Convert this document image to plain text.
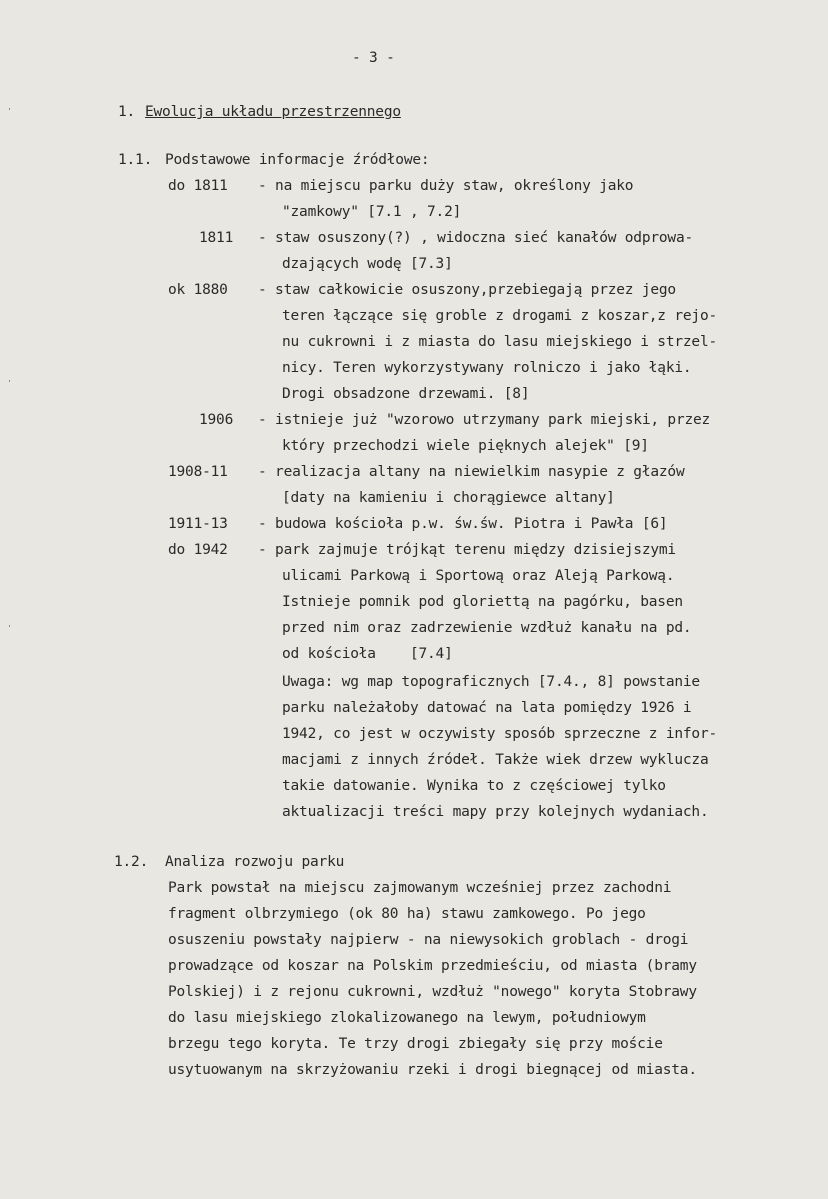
- 3 -
1. Ewolucja układu przestrzennego
1.1. Podstawowe informacje źródłowe:
do 1811 - na miejscu parku duży staw, określony jako
"zamkowy" [7.1 , 7.2]
1811 - staw osuszony(?) , widoczna sieć kanałów odprowa-
dzających wodę [7.3]
ok 1880 - staw całkowicie osuszony,przebiegają przez jego
teren łączące się groble z drogami z koszar,z rejo-
nu cukrowni i z miasta do lasu miejskiego i strzel-
nicy. Teren wykorzystywany rolniczo i jako łąki.
Drogi obsadzone drzewami. [8]
1906 - istnieje już "wzorowo utrzymany park miejski, przez
który przechodzi wiele pięknych alejek" [9]
1908-11 - realizacja altany na niewielkim nasypie z głazów
[daty na kamieniu i chorągiewce altany]
1911-13 - budowa kościoła p.w. św.św. Piotra i Pawła [6]
do 1942 - park zajmuje trójkąt terenu między dzisiejszymi
ulicami Parkową i Sportową oraz Aleją Parkową.
Istnieje pomnik pod gloriettą na pagórku, basen
przed nim oraz zadrzewienie wzdłuż kanału na pd.
od kościoła    [7.4]
Uwaga: wg map topograficznych [7.4., 8] powstanie
parku należałoby datować na lata pomiędzy 1926 i
1942, co jest w oczywisty sposób sprzeczne z infor-
macjami z innych źródeł. Także wiek drzew wyklucza
takie datowanie. Wynika to z częściowej tylko
aktualizacji treści mapy przy kolejnych wydaniach.
1.2. Analiza rozwoju parku
Park powstał na miejscu zajmowanym wcześniej przez zachodni
fragment olbrzymiego (ok 80 ha) stawu zamkowego. Po jego
osuszeniu powstały najpierw - na niewysokich groblach - drogi
prowadzące od koszar na Polskim przedmieściu, od miasta (bramy
Polskiej) i z rejonu cukrowni, wzdłuż "nowego" koryta Stobrawy
do lasu miejskiego zlokalizowanego na lewym, południowym
brzegu tego koryta. Te trzy drogi zbiegały się przy moście
usytuowanym na skrzyżowaniu rzeki i drogi biegnącej od miasta.
